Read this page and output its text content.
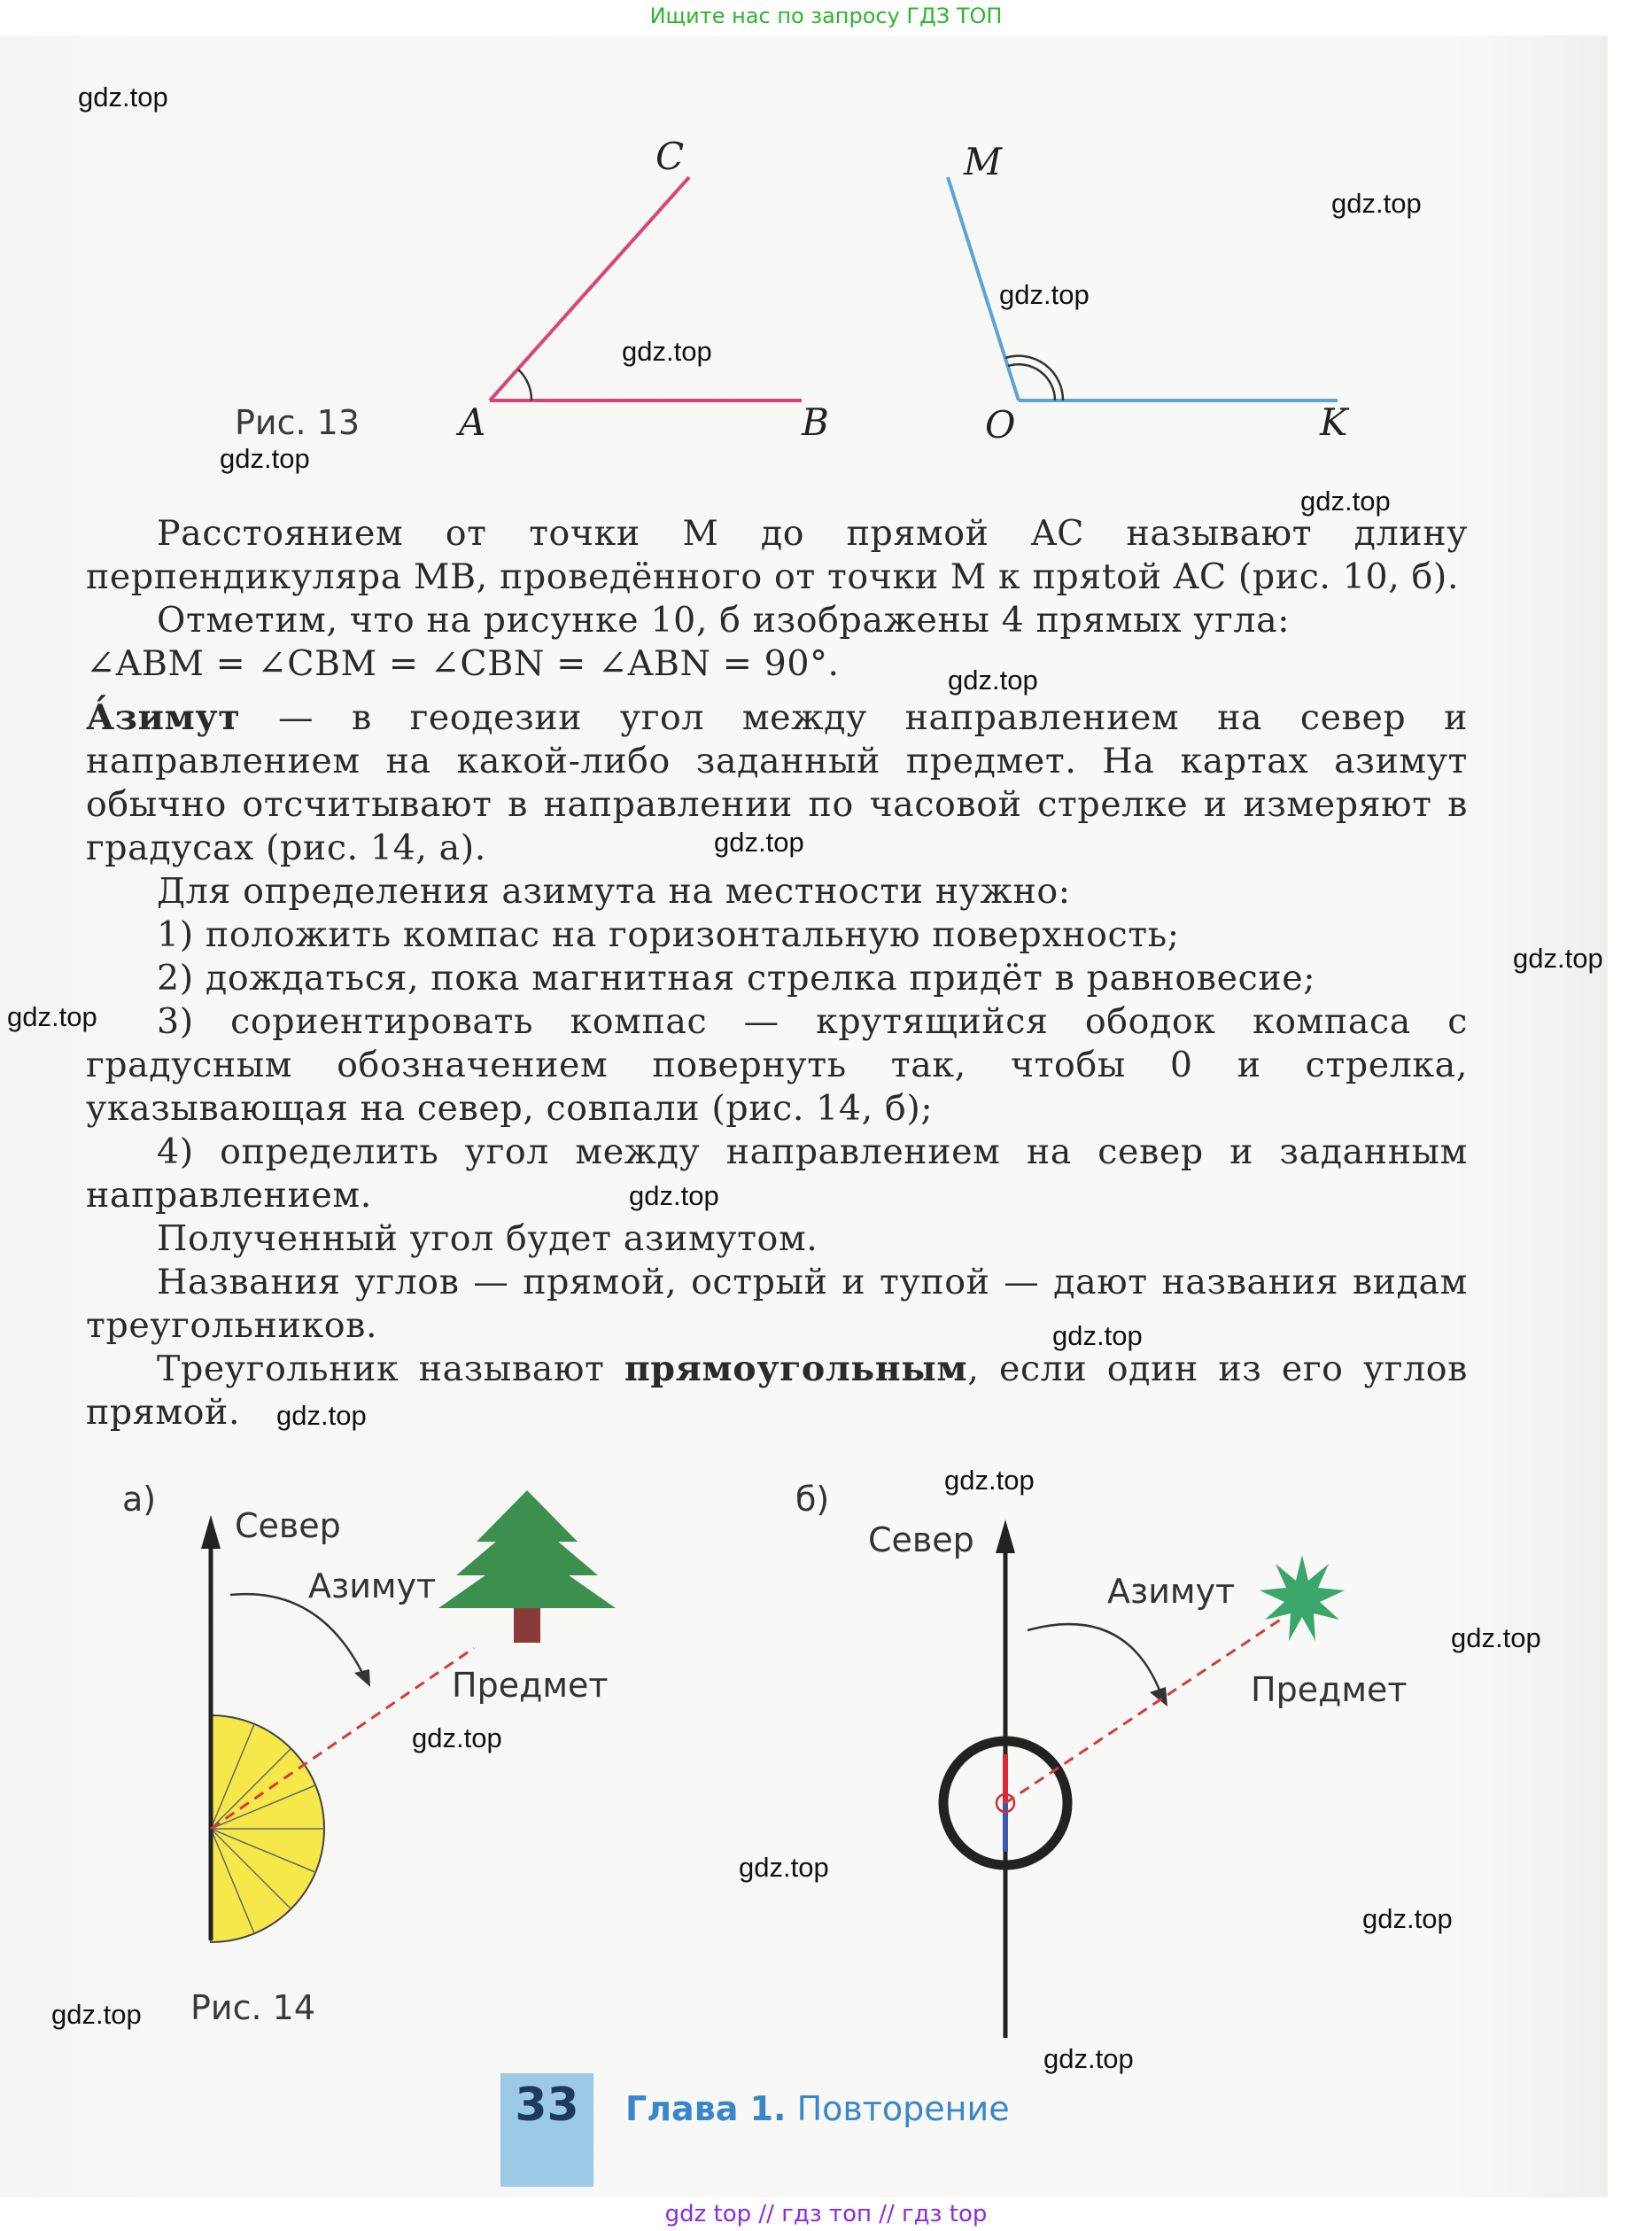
Ищите нас по запросу ГДЗ ТОП
C
A	B
M
O	K
Рис. 13

Расстоянием от точки M до прямой AC называют длину перпендикуляра MB, проведённого от точки M к пряtой AC (рис. 10, б).

Отметим, что на рисунке 10, б изображены 4 прямых угла:

∠ABM = ∠CBM = ∠CBN = ∠ABN = 90°.

А́зимут — в геодезии угол между направлением на север и направлением на какой-либо заданный предмет. На картах азимут обычно отсчитывают в направлении по часовой стрелке и измеряют в градусах (рис. 14, а).

Для определения азимута на местности нужно:

1) положить компас на горизонтальную поверхность;

2) дождаться, пока магнитная стрелка придёт в равновесие;

3) сориентировать компас — крутящийся ободок компаса с градусным обозначением повернуть так, чтобы 0 и стрелка, указывающая на север, совпали (рис. 14, б);

4) определить угол между направлением на север и заданным направлением.

Полученный угол будет азимутом.

Названия углов — прямой, острый и тупой — дают названия видам треугольников.

Треугольник называют прямоугольным, если один из его углов прямой.

а)
Север
Азимут
Предмет
б)
Север
Азимут
Предмет
Рис. 14
33	Глава 1. Повторение
gdz.top
gdz.top
gdz.top
gdz.top
gdz.top
gdz.top
gdz.top
gdz.top
gdz.top
gdz.top
gdz.top
gdz.top
gdz.top
gdz.top
gdz.top
gdz.top
gdz.top
gdz.top
gdz.top
gdz.top
gdz top // гдз топ // гдз top
